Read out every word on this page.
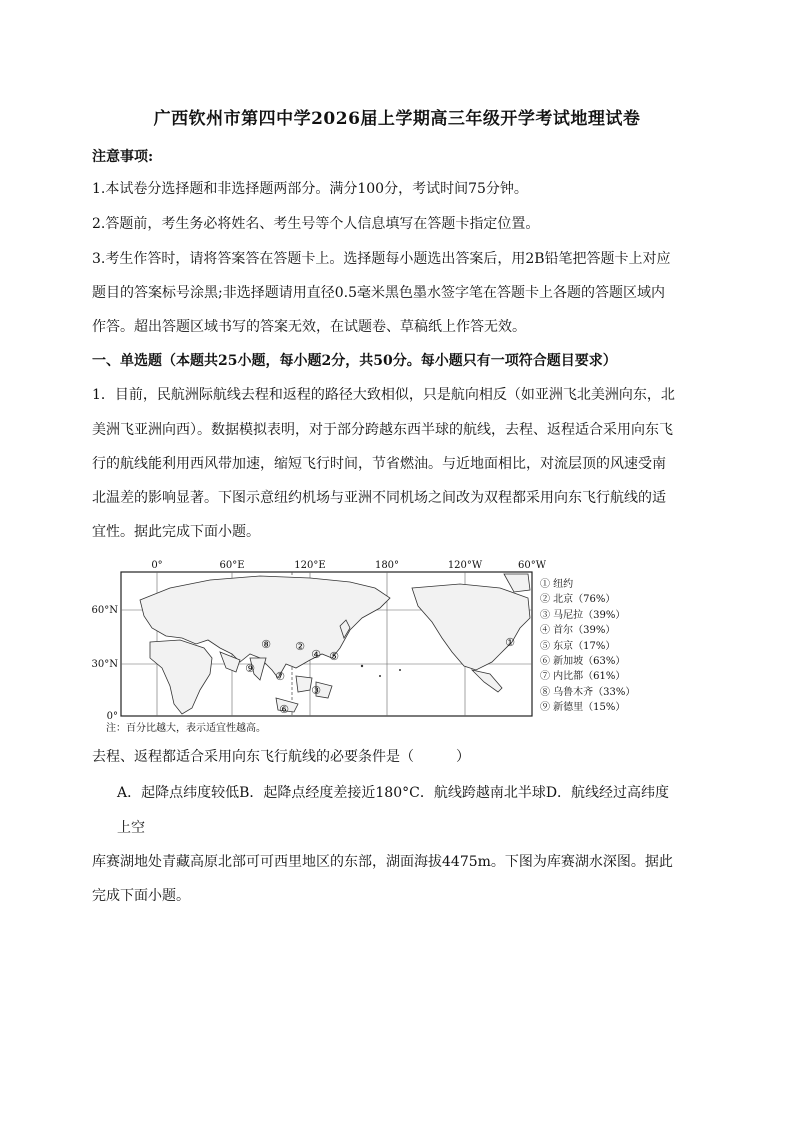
广西钦州市第四中学2026届上学期高三年级开学考试地理试卷
注意事项:
1.本试卷分选择题和非选择题两部分。满分100分，考试时间75分钟。
2.答题前，考生务必将姓名、考生号等个人信息填写在答题卡指定位置。
3.考生作答时，请将答案答在答题卡上。选择题每小题选出答案后，用2B铅笔把答题卡上对应
题目的答案标号涂黑;非选择题请用直径0.5毫米黑色墨水签字笔在答题卡上各题的答题区域内
作答。超出答题区域书写的答案无效，在试题卷、草稿纸上作答无效。
一、单选题（本题共25小题，每小题2分，共50分。每小题只有一项符合题目要求）
1．目前，民航洲际航线去程和返程的路径大致相似，只是航向相反（如亚洲飞北美洲向东，北
美洲飞亚洲向西）。数据模拟表明，对于部分跨越东西半球的航线，去程、返程适合采用向东飞
行的航线能利用西风带加速，缩短飞行时间，节省燃油。与近地面相比，对流层顶的风速受南
北温差的影响显著。下图示意纽约机场与亚洲不同机场之间改为双程都采用向东飞行航线的适
宜性。据此完成下面小题。
0°	60°E	120°E	180°	120°W	60°W
60°N
30°N
0°
①
②
③
④ ⑤
⑥
⑦
⑧
⑨
① 纽约
② 北京（76%）
③ 马尼拉（39%）
④ 首尔（39%）
⑤ 东京（17%）
⑥ 新加坡（63%）
⑦ 内比都（61%）
⑧ 乌鲁木齐（33%）
⑨ 新德里（15%）
注：百分比越大，表示适宜性越高。
去程、返程都适合采用向东飞行航线的必要条件是（　　　）
A．起降点纬度较低B．起降点经度差接近180°C．航线跨越南北半球D．航线经过高纬度
上空
库赛湖地处青藏高原北部可可西里地区的东部，湖面海拔4475m。下图为库赛湖水深图。据此
完成下面小题。
